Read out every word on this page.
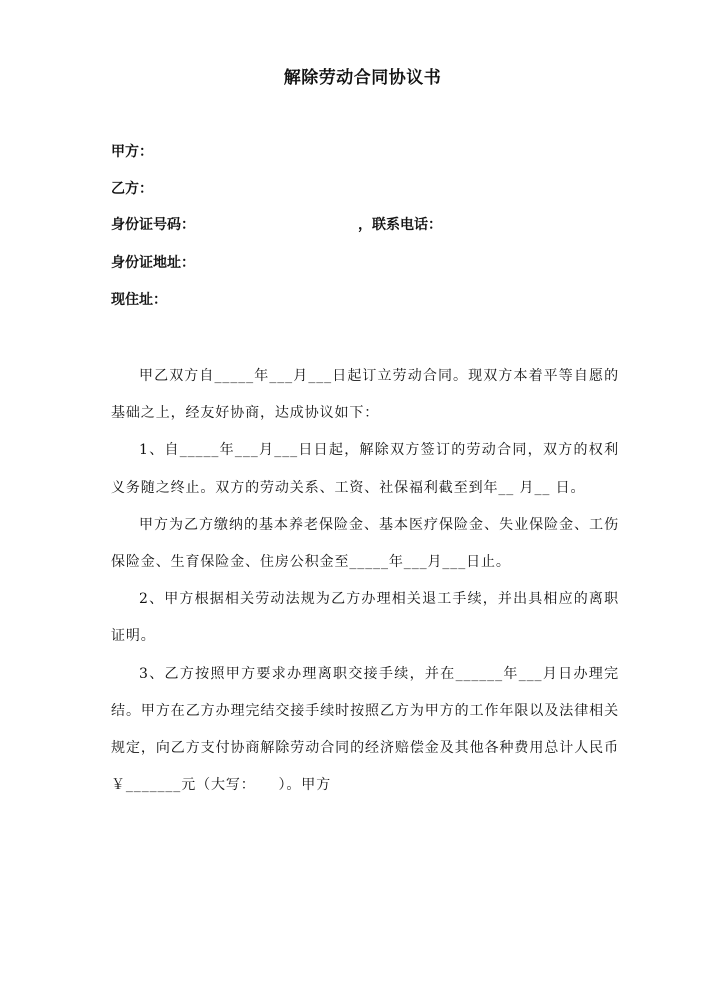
解除劳动合同协议书
甲方：
乙方：
身份证号码：	，联系电话：
身份证地址：
现住址：

甲乙双方自_____年___月___日起订立劳动合同。现双方本着平等自愿的基础之上，经友好协商，达成协议如下：

1、自_____年___月___日日起，解除双方签订的劳动合同，双方的权利义务随之终止。双方的劳动关系、工资、社保福利截至到年__ 月__ 日。

甲方为乙方缴纳的基本养老保险金、基本医疗保险金、失业保险金、工伤保险金、生育保险金、住房公积金至_____年___月___日止。

2、甲方根据相关劳动法规为乙方办理相关退工手续，并出具相应的离职证明。

3、乙方按照甲方要求办理离职交接手续，并在______年___月日办理完结。甲方在乙方办理完结交接手续时按照乙方为甲方的工作年限以及法律相关规定，向乙方支付协商解除劳动合同的经济赔偿金及其他各种费用总计人民币￥_______元（大写：　　）。甲方
